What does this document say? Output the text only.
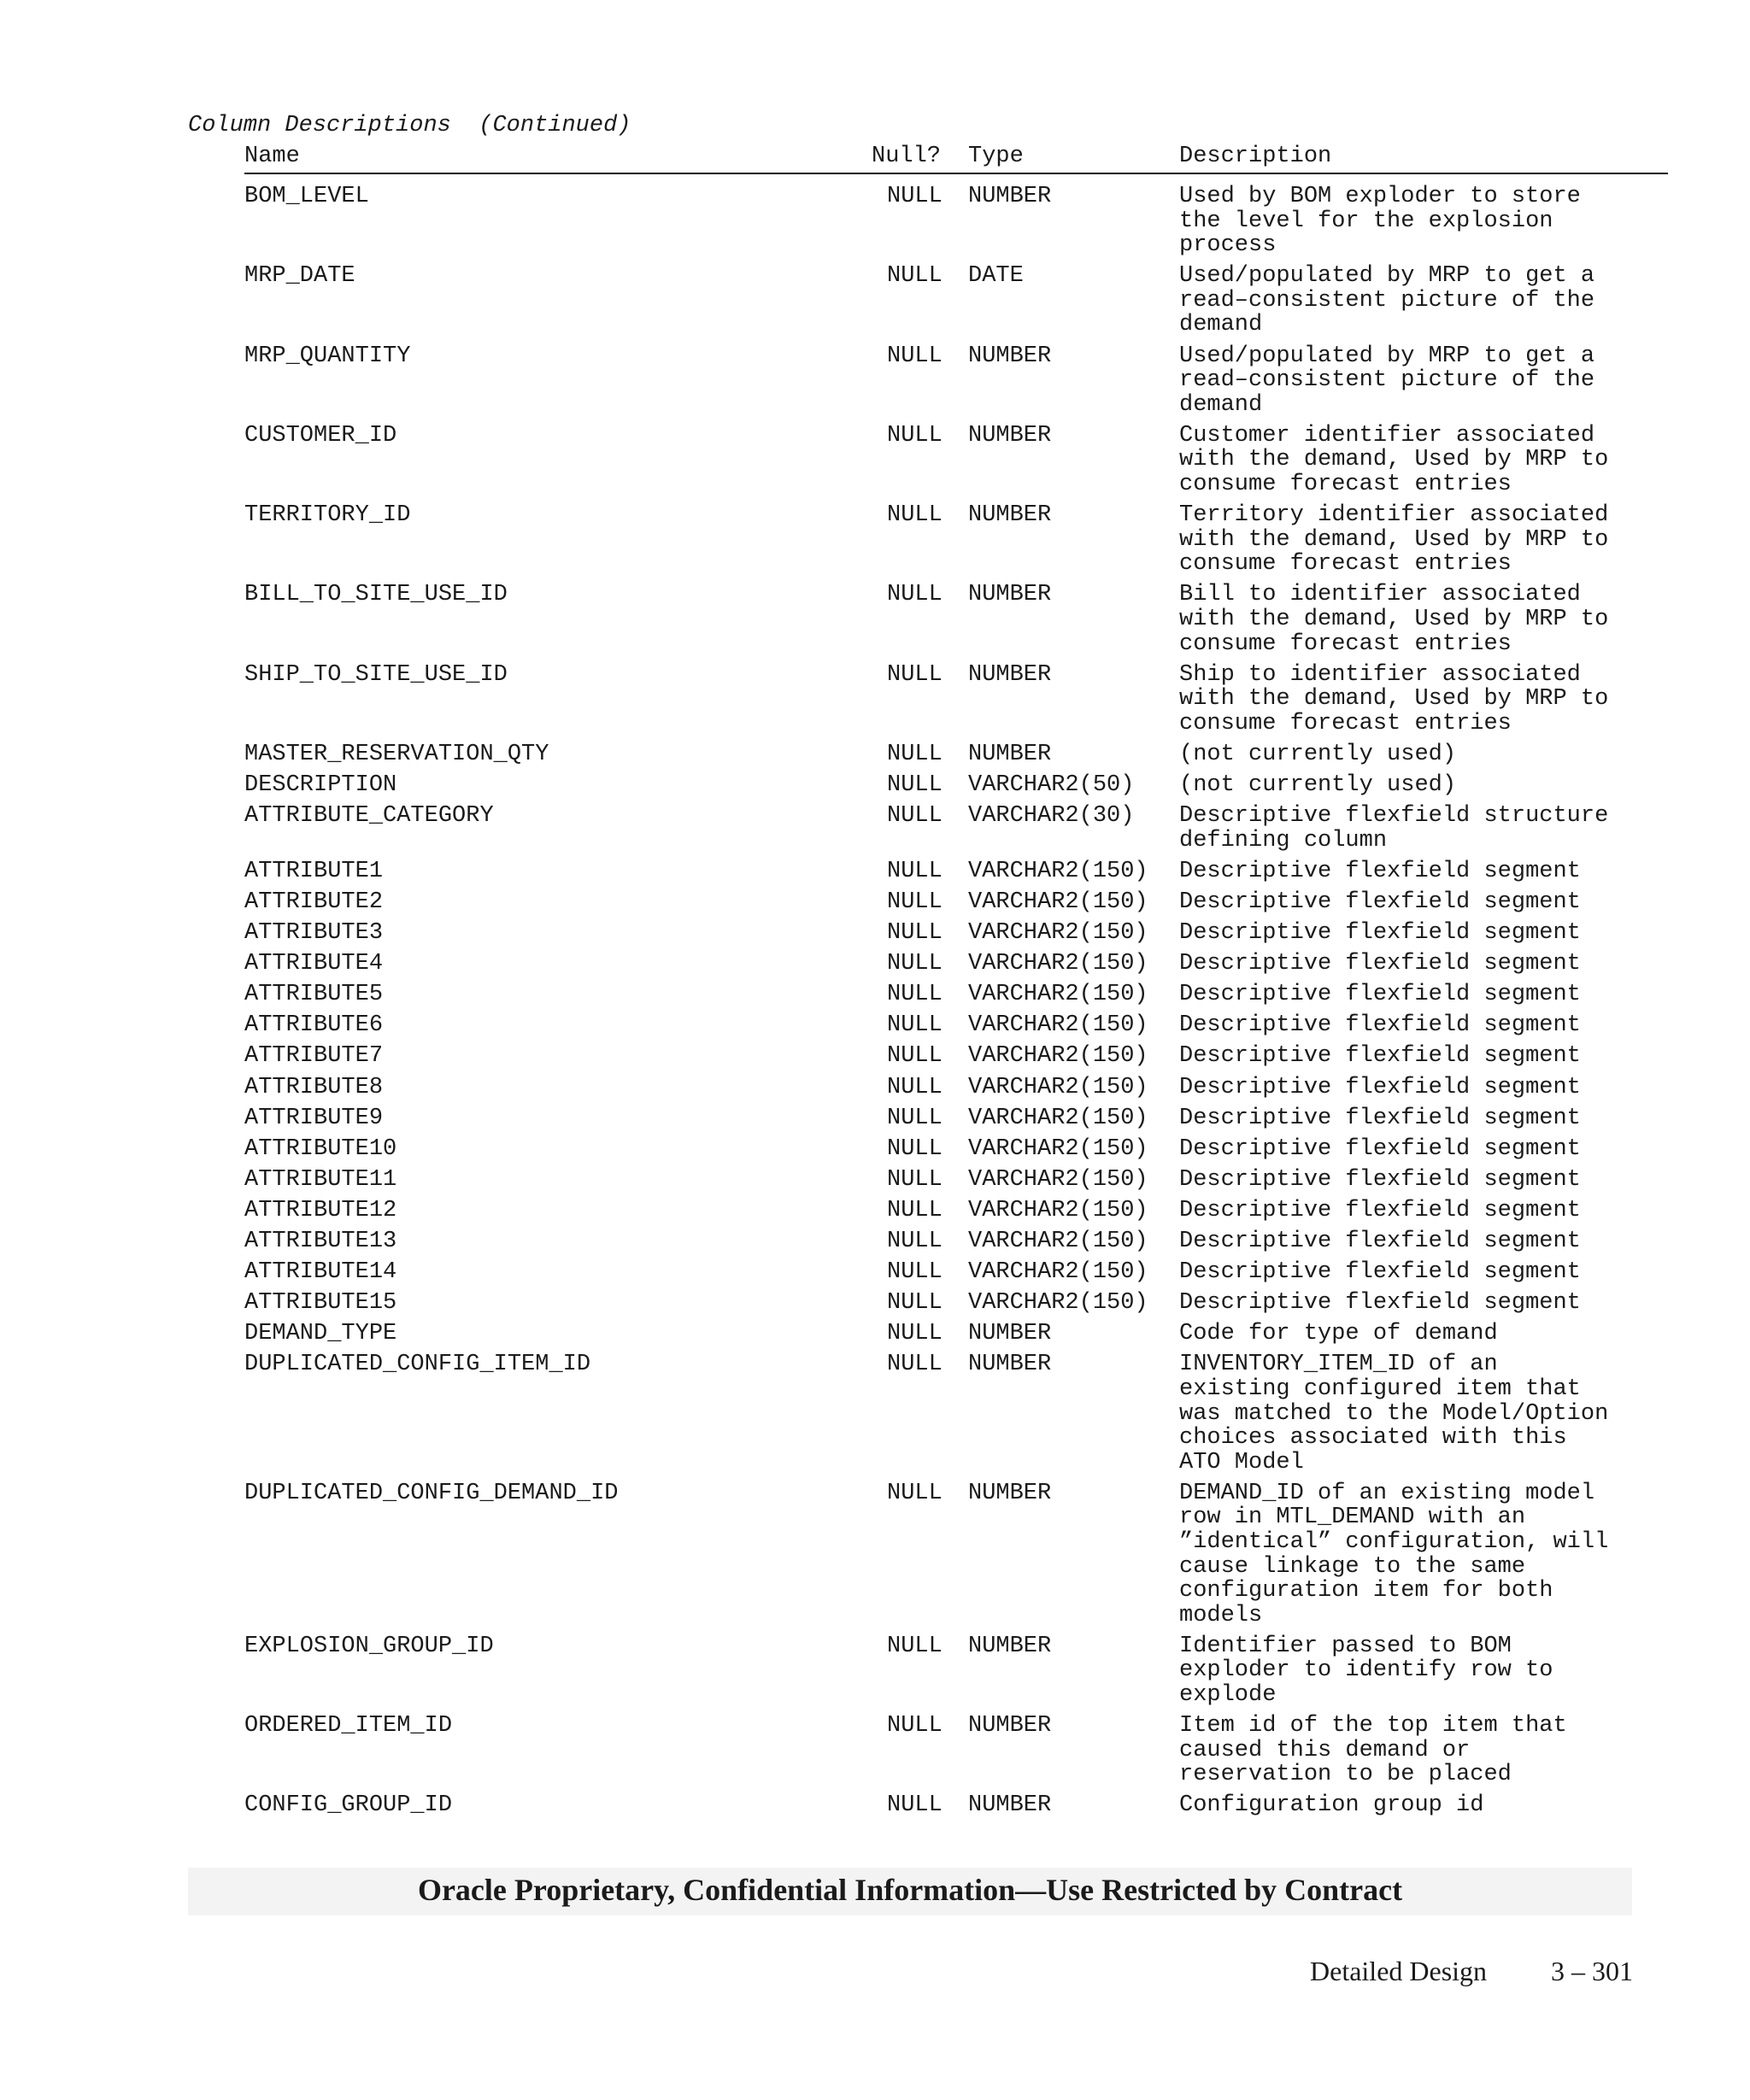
Column Descriptions  (Continued)
Name	Null? Type	Description
BOM_LEVEL	NULL NUMBER	Used by BOM exploder to store
the level for the explosion
process
MRP_DATE	NULL DATE	Used/populated by MRP to get a
read–consistent picture of the
demand
MRP_QUANTITY	NULL NUMBER	Used/populated by MRP to get a
read–consistent picture of the
demand
CUSTOMER_ID	NULL NUMBER	Customer identifier associated
with the demand, Used by MRP to
consume forecast entries
TERRITORY_ID	NULL NUMBER	Territory identifier associated
with the demand, Used by MRP to
consume forecast entries
BILL_TO_SITE_USE_ID	NULL NUMBER	Bill to identifier associated
with the demand, Used by MRP to
consume forecast entries
SHIP_TO_SITE_USE_ID	NULL NUMBER	Ship to identifier associated
with the demand, Used by MRP to
consume forecast entries
MASTER_RESERVATION_QTY	NULL NUMBER	(not currently used)
DESCRIPTION	NULL VARCHAR2(50) (not currently used)
ATTRIBUTE_CATEGORY	NULL VARCHAR2(30) Descriptive flexfield structure
defining column
ATTRIBUTE1	NULL VARCHAR2(150) Descriptive flexfield segment
ATTRIBUTE2	NULL VARCHAR2(150) Descriptive flexfield segment
ATTRIBUTE3	NULL VARCHAR2(150) Descriptive flexfield segment
ATTRIBUTE4	NULL VARCHAR2(150) Descriptive flexfield segment
ATTRIBUTE5	NULL VARCHAR2(150) Descriptive flexfield segment
ATTRIBUTE6	NULL VARCHAR2(150) Descriptive flexfield segment
ATTRIBUTE7	NULL VARCHAR2(150) Descriptive flexfield segment
ATTRIBUTE8	NULL VARCHAR2(150) Descriptive flexfield segment
ATTRIBUTE9	NULL VARCHAR2(150) Descriptive flexfield segment
ATTRIBUTE10	NULL VARCHAR2(150) Descriptive flexfield segment
ATTRIBUTE11	NULL VARCHAR2(150) Descriptive flexfield segment
ATTRIBUTE12	NULL VARCHAR2(150) Descriptive flexfield segment
ATTRIBUTE13	NULL VARCHAR2(150) Descriptive flexfield segment
ATTRIBUTE14	NULL VARCHAR2(150) Descriptive flexfield segment
ATTRIBUTE15	NULL VARCHAR2(150) Descriptive flexfield segment
DEMAND_TYPE	NULL NUMBER	Code for type of demand
DUPLICATED_CONFIG_ITEM_ID	NULL NUMBER	INVENTORY_ITEM_ID of an
existing configured item that
was matched to the Model/Option
choices associated with this
ATO Model
DUPLICATED_CONFIG_DEMAND_ID	NULL NUMBER	DEMAND_ID of an existing model
row in MTL_DEMAND with an
”identical” configuration, will
cause linkage to the same
configuration item for both
models
EXPLOSION_GROUP_ID	NULL NUMBER	Identifier passed to BOM
exploder to identify row to
explode
ORDERED_ITEM_ID	NULL NUMBER	Item id of the top item that
caused this demand or
reservation to be placed
CONFIG_GROUP_ID	NULL NUMBER	Configuration group id
Oracle Proprietary, Confidential Information––Use Restricted by Contract
Detailed Design 3 – 301
